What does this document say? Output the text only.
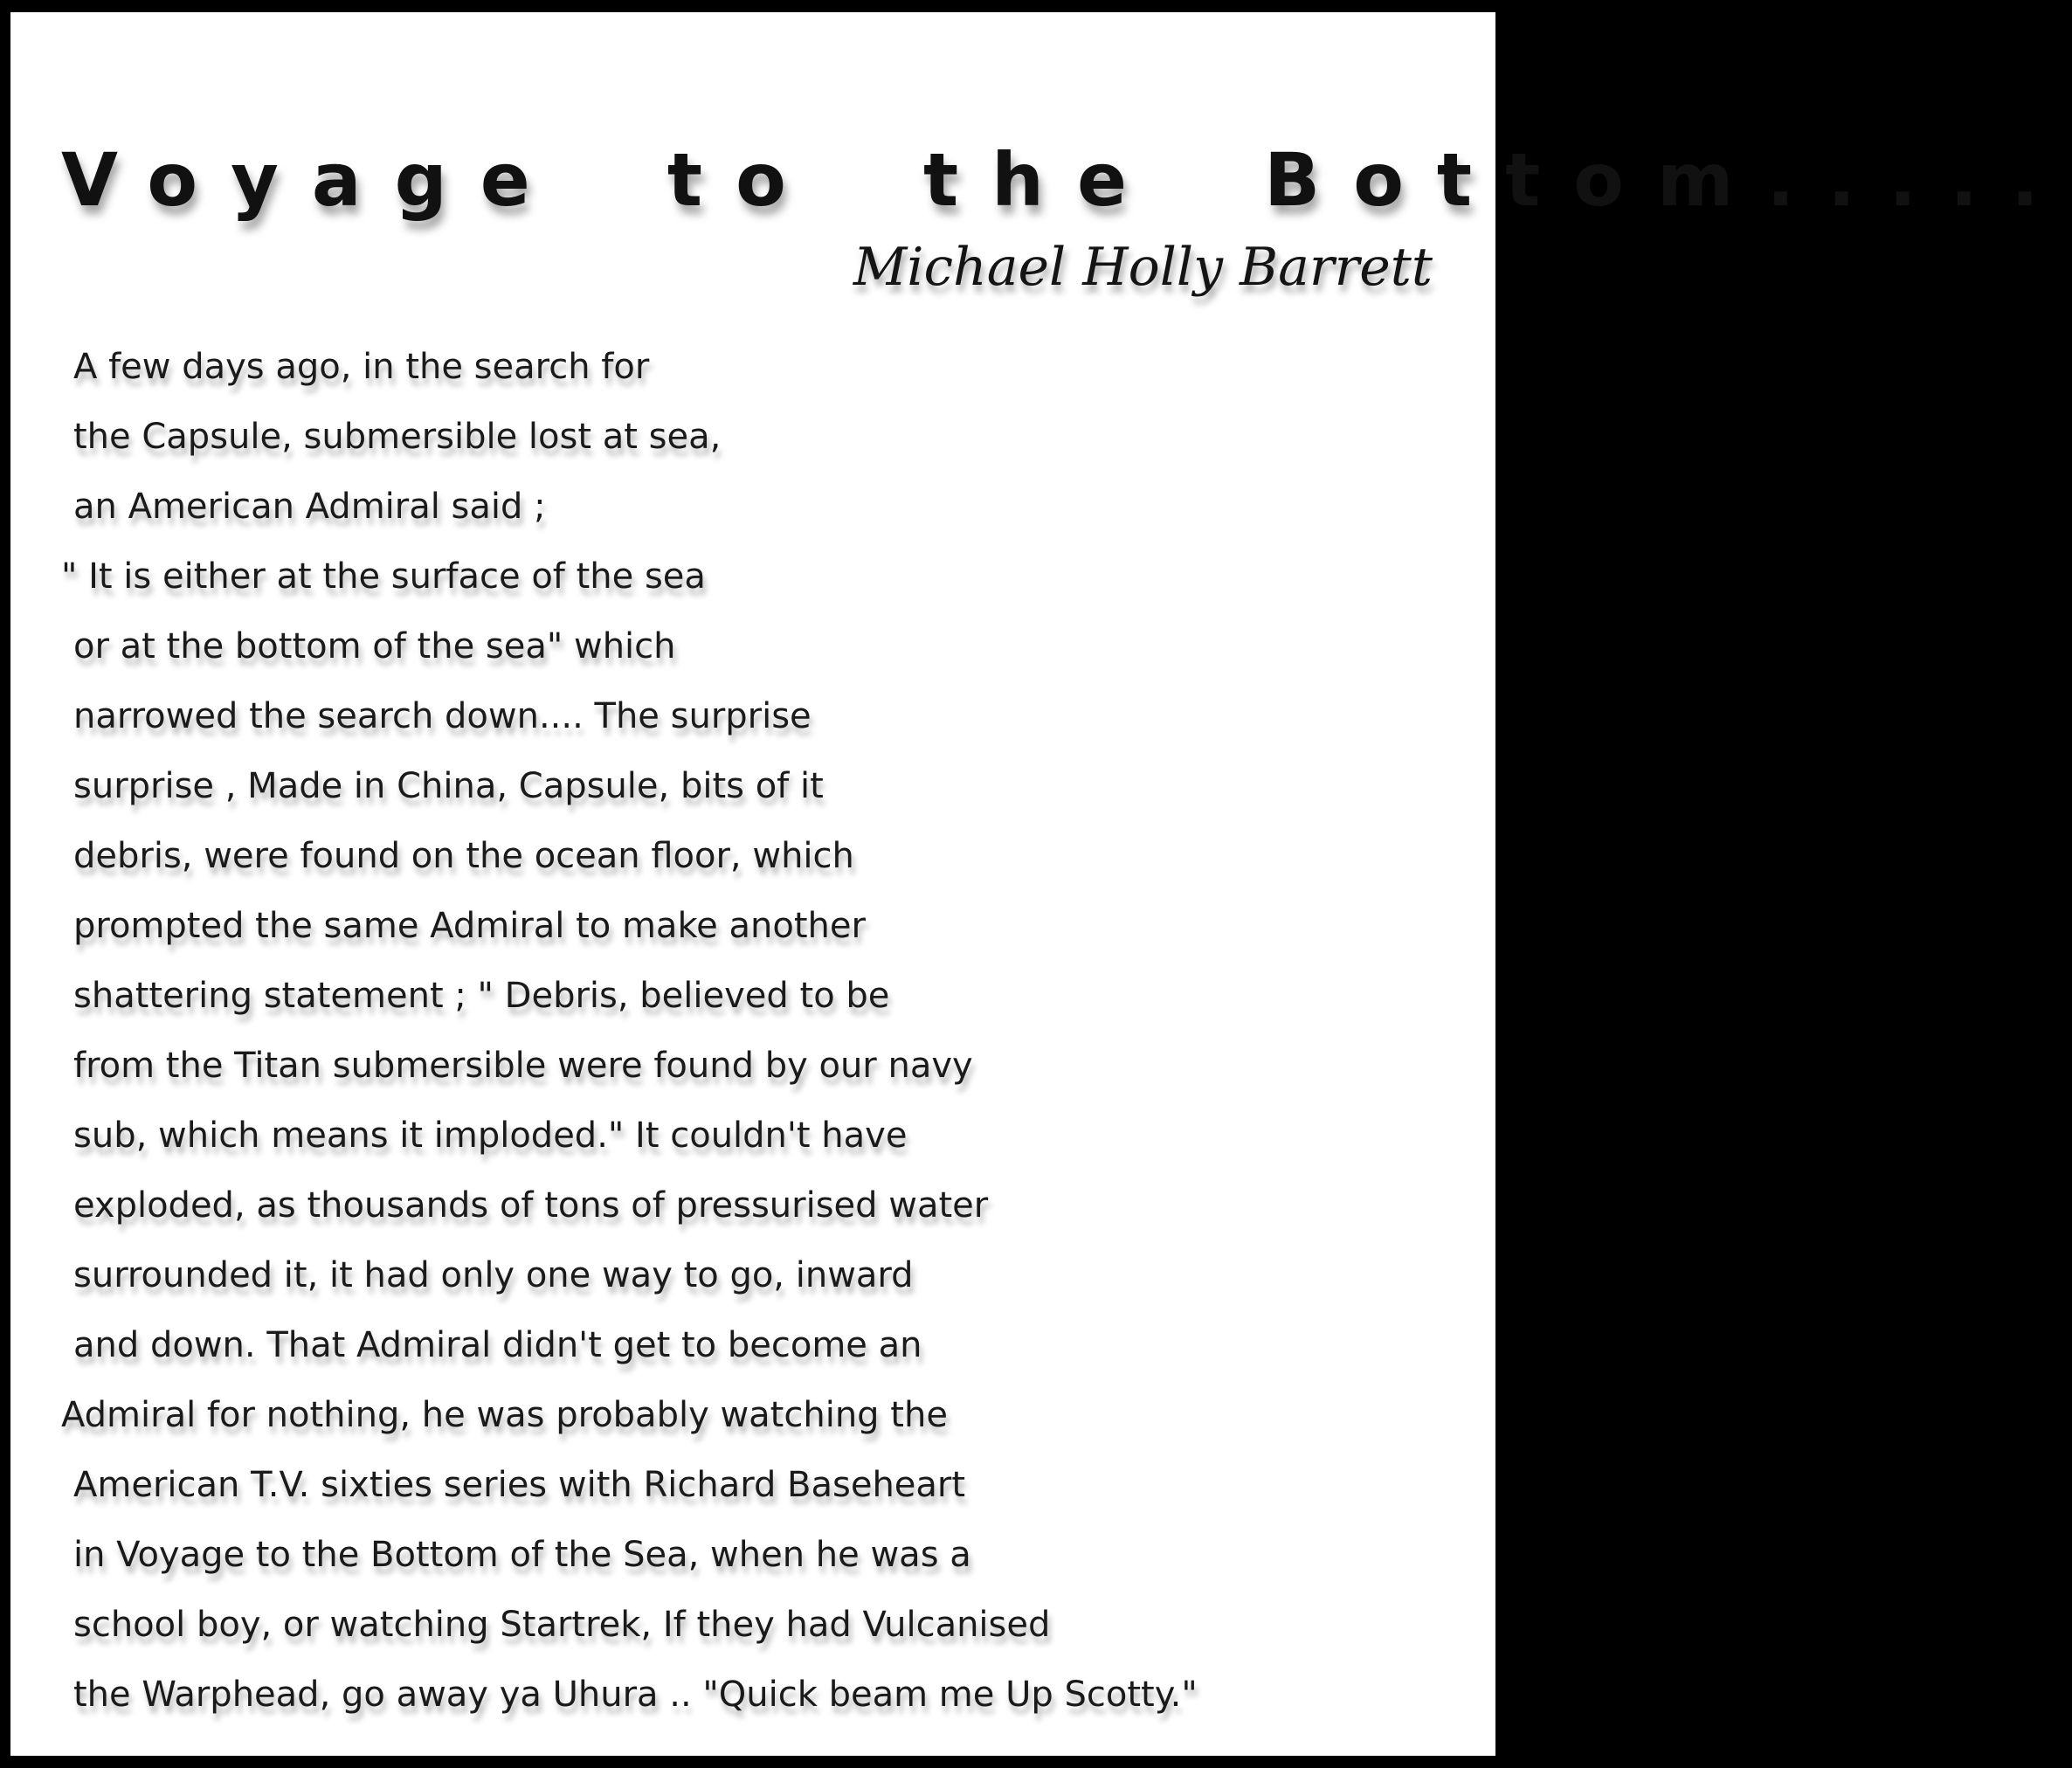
Voyage to the Bottom.....
Michael Holly Barrett
A few days ago, in the search for
the Capsule, submersible lost at sea,
an American Admiral said ;
" It is either at the surface of the sea
or at the bottom of the sea" which
narrowed the search down.... The surprise
surprise , Made in China, Capsule, bits of it
debris, were found on the ocean floor, which
prompted the same Admiral to make another
shattering statement ; " Debris, believed to be
from the Titan submersible were found by our navy
sub, which means it imploded." It couldn't have
exploded, as thousands of tons of pressurised water
surrounded it, it had only one way to go, inward
and down. That Admiral didn't get to become an
Admiral for nothing, he was probably watching the
American T.V. sixties series with Richard Baseheart
in Voyage to the Bottom of the Sea, when he was a
school boy, or watching Startrek, If they had Vulcanised
the Warphead, go away ya Uhura .. "Quick beam me Up Scotty."
